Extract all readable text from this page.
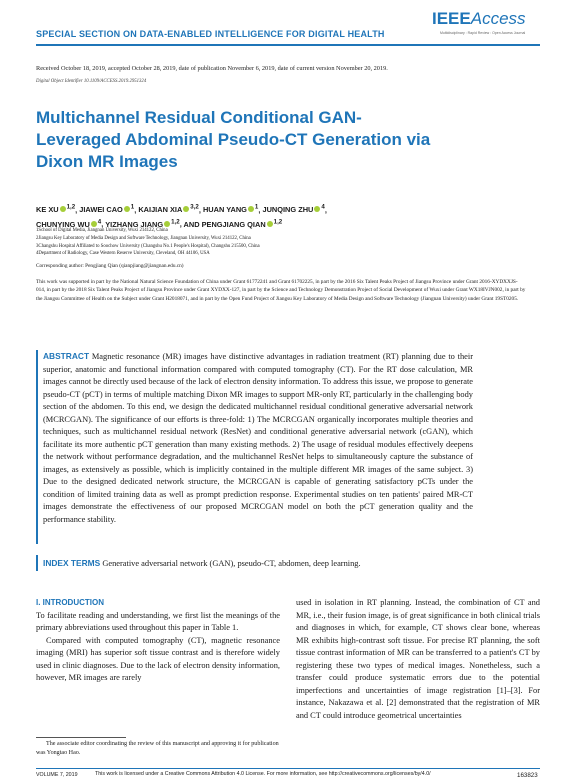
SPECIAL SECTION ON DATA-ENABLED INTELLIGENCE FOR DIGITAL HEALTH
IEEEAccess
Multidisciplinary : Rapid Review : Open Access Journal
Received October 18, 2019, accepted October 28, 2019, date of publication November 6, 2019, date of current version November 20, 2019.
Digital Object Identifier 10.1109/ACCESS.2019.2951324
Multichannel Residual Conditional GAN-Leveraged Abdominal Pseudo-CT Generation via Dixon MR Images
KE XU $^{1,2}$, JIAWEI CAO $^1$, KAIJIAN XIA $^{3,2}$, HUAN YANG $^1$, JUNQING ZHU $^4$,
CHUNYING WU $^4$, YIZHANG JIANG $^{1,2}$, AND PENGJIANG QIAN $^{1,2}$
1School of Digital Media, Jiangnan University, Wuxi 214122, China
2Jiangsu Key Laboratory of Media Design and Software Technology, Jiangnan University, Wuxi 214122, China
3Changshu Hospital Affiliated to Soochow University (Changshu No.1 People's Hospital), Changshu 215500, China
4Department of Radiology, Case Western Reserve University, Cleveland, OH 44106, USA
Corresponding author: Pengjiang Qian (qianpjiang@jiangnan.edu.cn)
This work was supported in part by the National Natural Science Foundation of China under Grant 61772241 and Grant 61702225, in part by the 2016 Six Talent Peaks Project of Jiangsu Province under Grant 2016-XYDXXJS-014, in part by the 2018 Six Talent Peaks Project of Jiangsu Province under Grant XYDXX-127, in part by the Science and Technology Demonstration Project of Social Development of Wuxi under Grant WX18IVJN002, in part by the Jiangsu Committee of Health on the Subject under Grant H2018071, and in part by the Open Fund Project of Jiangsu Key Laboratory of Media Design and Software Technology (Jiangnan University) under Grant 19ST0205.
ABSTRACT Magnetic resonance (MR) images have distinctive advantages in radiation treatment (RT) planning due to their superior, anatomic and functional information compared with computed tomography (CT). For the RT dose calculation, MR images cannot be directly used because of the lack of electron density information. To address this issue, we propose to generate pseudo-CT (pCT) in terms of multiple matching Dixon MR images to support MR-only RT, particularly in the challenging body section of the abdomen. To this end, we design the dedicated multichannel residual conditional generative adversarial network (MCRCGAN). The significance of our efforts is three-fold: 1) The MCRCGAN organically incorporates multiple theories and techniques, such as multichannel residual network (ResNet) and conditional generative adversarial network (cGAN), which facilitate its more authentic pCT generation than many existing methods. 2) The usage of residual modules effectively deepens the network without performance degradation, and the multichannel ResNet helps to simultaneously capture the substance of images, as extensively as possible, which is implicitly contained in the multiple different MR images of the same subject. 3) Due to the designed dedicated network structure, the MCRCGAN is capable of generating satisfactory pCTs under the condition of limited training data as well as prompt prediction response. Experimental studies on ten patients' paired MR-CT images demonstrate the effectiveness of our proposed MCRCGAN model on both the pCT generation quality and the performance stability.
INDEX TERMS Generative adversarial network (GAN), pseudo-CT, abdomen, deep learning.
I. INTRODUCTION

To facilitate reading and understanding, we first list the meanings of the primary abbreviations used throughout this paper in Table 1.

Compared with computed tomography (CT), magnetic resonance imaging (MRI) has superior soft tissue contrast and is therefore widely used in clinic diagnoses. Due to the lack of electron density information, however, MR images are rarely

used in isolation in RT planning. Instead, the combination of CT and MR, i.e., their fusion image, is of great significance in both clinical trials and diagnoses in which, for example, CT shows clear bone, whereas MR exhibits high-contrast soft tissue. For precise RT planning, the soft tissue contrast information of MR can be transferred to a patient's CT by registering these two types of medical images. Nonetheless, such a transfer could produce systematic errors due to the potential imperfections and uncertainties of image registration [1]–[3]. For instance, Nakazawa et al. [2] demonstrated that the registration of MR and CT could introduce geometrical uncertainties

The associate editor coordinating the review of this manuscript and approving it for publication was Yongtao Hao.
VOLUME 7, 2019	This work is licensed under a Creative Commons Attribution 4.0 License. For more information, see http://creativecommons.org/licenses/by/4.0/	163823
